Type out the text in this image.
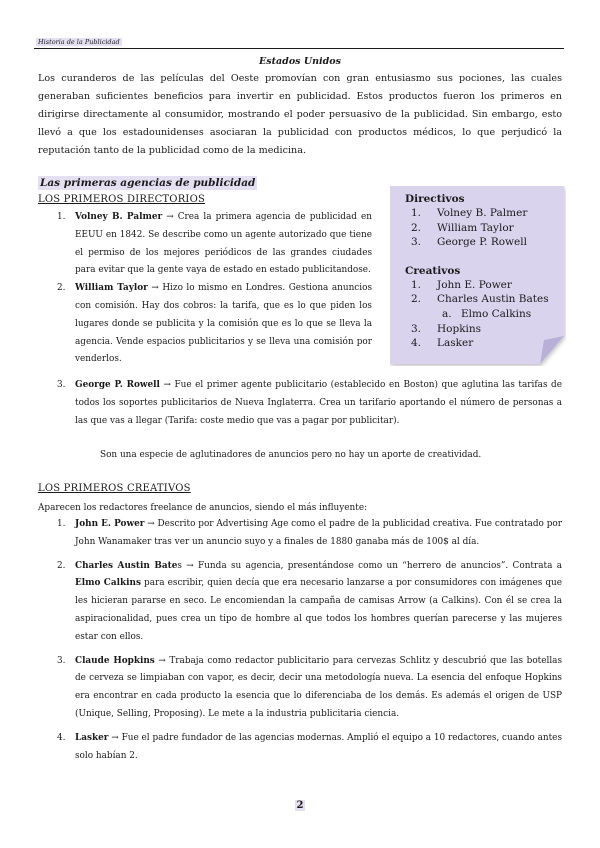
Historia de la Publicidad
Estados Unidos
Los curanderos de las películas del Oeste promovían con gran entusiasmo sus pociones, las cuales generaban suficientes beneficios para invertir en publicidad. Estos productos fueron los primeros en dirigirse directamente al consumidor, mostrando el poder persuasivo de la publicidad. Sin embargo, esto llevó a que los estadounidenses asociaran la publicidad con productos médicos, lo que perjudicó la reputación tanto de la publicidad como de la medicina.
Las primeras agencias de publicidad
LOS PRIMEROS DIRECTORIOS
1. Volney B. Palmer → Crea la primera agencia de publicidad en EEUU en 1842. Se describe como un agente autorizado que tiene el permiso de los mejores periódicos de las grandes ciudades para evitar que la gente vaya de estado en estado publicitandose.
2. William Taylor → Hizo lo mismo en Londres. Gestiona anuncios con comisión. Hay dos cobros: la tarifa, que es lo que piden los lugares donde se publicita y la comisión que es lo que se lleva la agencia. Vende espacios publicitarios y se lleva una comisión por venderlos.
3. George P. Rowell → Fue el primer agente publicitario (establecido en Boston) que aglutina las tarifas de todos los soportes publicitarios de Nueva Inglaterra. Crea un tarifario aportando el número de personas a las que vas a llegar (Tarifa: coste medio que vas a pagar por publicitar).
Son una especie de aglutinadores de anuncios pero no hay un aporte de creatividad.
Directivos
1. Volney B. Palmer
2. William Taylor
3. George P. Rowell
Creativos
1. John E. Power
2. Charles Austin Bates
a. Elmo Calkins
3. Hopkins
4. Lasker
LOS PRIMEROS CREATIVOS
Aparecen los redactores freelance de anuncios, siendo el más influyente:
1. John E. Power → Descrito por Advertising Age como el padre de la publicidad creativa. Fue contratado por John Wanamaker tras ver un anuncio suyo y a finales de 1880 ganaba más de 100$ al día.
2. Charles Austin Bates → Funda su agencia, presentándose como un “herrero de anuncios”. Contrata a Elmo Calkins para escribir, quien decía que era necesario lanzarse a por consumidores con imágenes que les hicieran pararse en seco. Le encomiendan la campaña de camisas Arrow (a Calkins). Con él se crea la aspiracionalidad, pues crea un tipo de hombre al que todos los hombres querían parecerse y las mujeres estar con ellos.
3. Claude Hopkins → Trabaja como redactor publicitario para cervezas Schlitz y descubrió que las botellas de cerveza se limpiaban con vapor, es decir, decir una metodología nueva. La esencia del enfoque Hopkins era encontrar en cada producto la esencia que lo diferenciaba de los demás. Es además el origen de USP (Unique, Selling, Proposing). Le mete a la industria publicitaria ciencia.
4. Lasker → Fue el padre fundador de las agencias modernas. Amplió el equipo a 10 redactores, cuando antes solo habían 2.
2
